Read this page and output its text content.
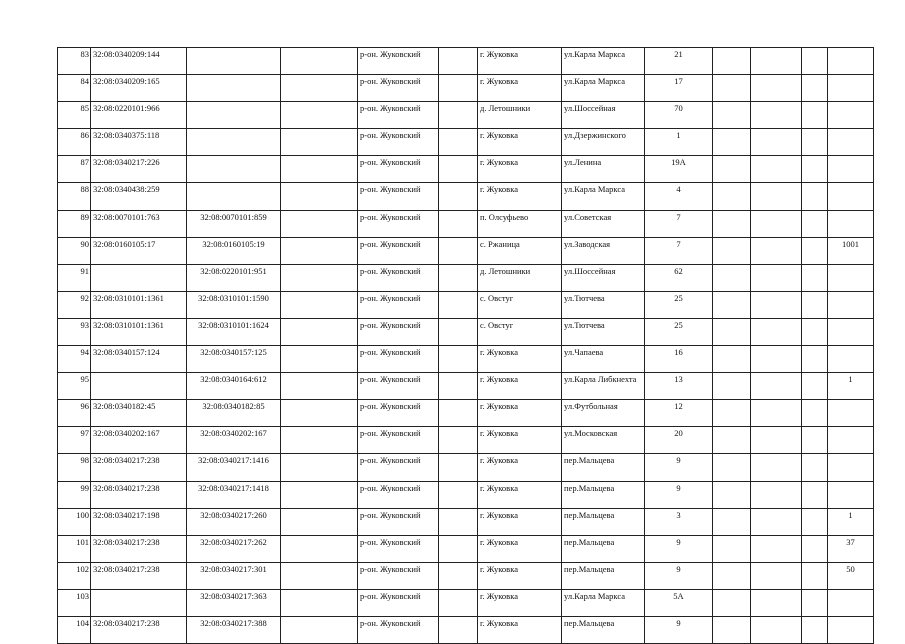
83	32:08:0340209:144			р-он. Жуковский		г. Жуковка	ул.Карла Маркса	21				
84	32:08:0340209:165			р-он. Жуковский		г. Жуковка	ул.Карла Маркса	17				
85	32:08:0220101:966			р-он. Жуковский		д. Летошники	ул.Шоссейная	70				
86	32:08:0340375:118			р-он. Жуковский		г. Жуковка	ул.Дзержинского	1				
87	32:08:0340217:226			р-он. Жуковский		г. Жуковка	ул.Ленина	19А				
88	32:08:0340438:259			р-он. Жуковский		г. Жуковка	ул.Карла Маркса	4				
89	32:08:0070101:763	32:08:0070101:859		р-он. Жуковский		п. Олсуфьево	ул.Советская	7				
90	32:08:0160105:17	32:08:0160105:19		р-он. Жуковский		с. Ржаница	ул.Заводская	7				1001
91		32:08:0220101:951		р-он. Жуковский		д. Летошники	ул.Шоссейная	62				
92	32:08:0310101:1361	32:08:0310101:1590		р-он. Жуковский		с. Овстуг	ул.Тютчева	25				
93	32:08:0310101:1361	32:08:0310101:1624		р-он. Жуковский		с. Овстуг	ул.Тютчева	25				
94	32:08:0340157:124	32:08:0340157:125		р-он. Жуковский		г. Жуковка	ул.Чапаева	16				
95		32:08:0340164:612		р-он. Жуковский		г. Жуковка	ул.Карла Либкнехта	13				1
96	32:08:0340182:45	32:08:0340182:85		р-он. Жуковский		г. Жуковка	ул.Футбольная	12				
97	32:08:0340202:167	32:08:0340202:167		р-он. Жуковский		г. Жуковка	ул.Московская	20				
98	32:08:0340217:238	32:08:0340217:1416		р-он. Жуковский		г. Жуковка	пер.Мальцева	9				
99	32:08:0340217:238	32:08:0340217:1418		р-он. Жуковский		г. Жуковка	пер.Мальцева	9				
100	32:08:0340217:198	32:08:0340217:260		р-он. Жуковский		г. Жуковка	пер.Мальцева	3				1
101	32:08:0340217:238	32:08:0340217:262		р-он. Жуковский		г. Жуковка	пер.Мальцева	9				37
102	32:08:0340217:238	32:08:0340217:301		р-он. Жуковский		г. Жуковка	пер.Мальцева	9				50
103		32:08:0340217:363		р-он. Жуковский		г. Жуковка	ул.Карла Маркса	5А				
104	32:08:0340217:238	32:08:0340217:388		р-он. Жуковский		г. Жуковка	пер.Мальцева	9				
